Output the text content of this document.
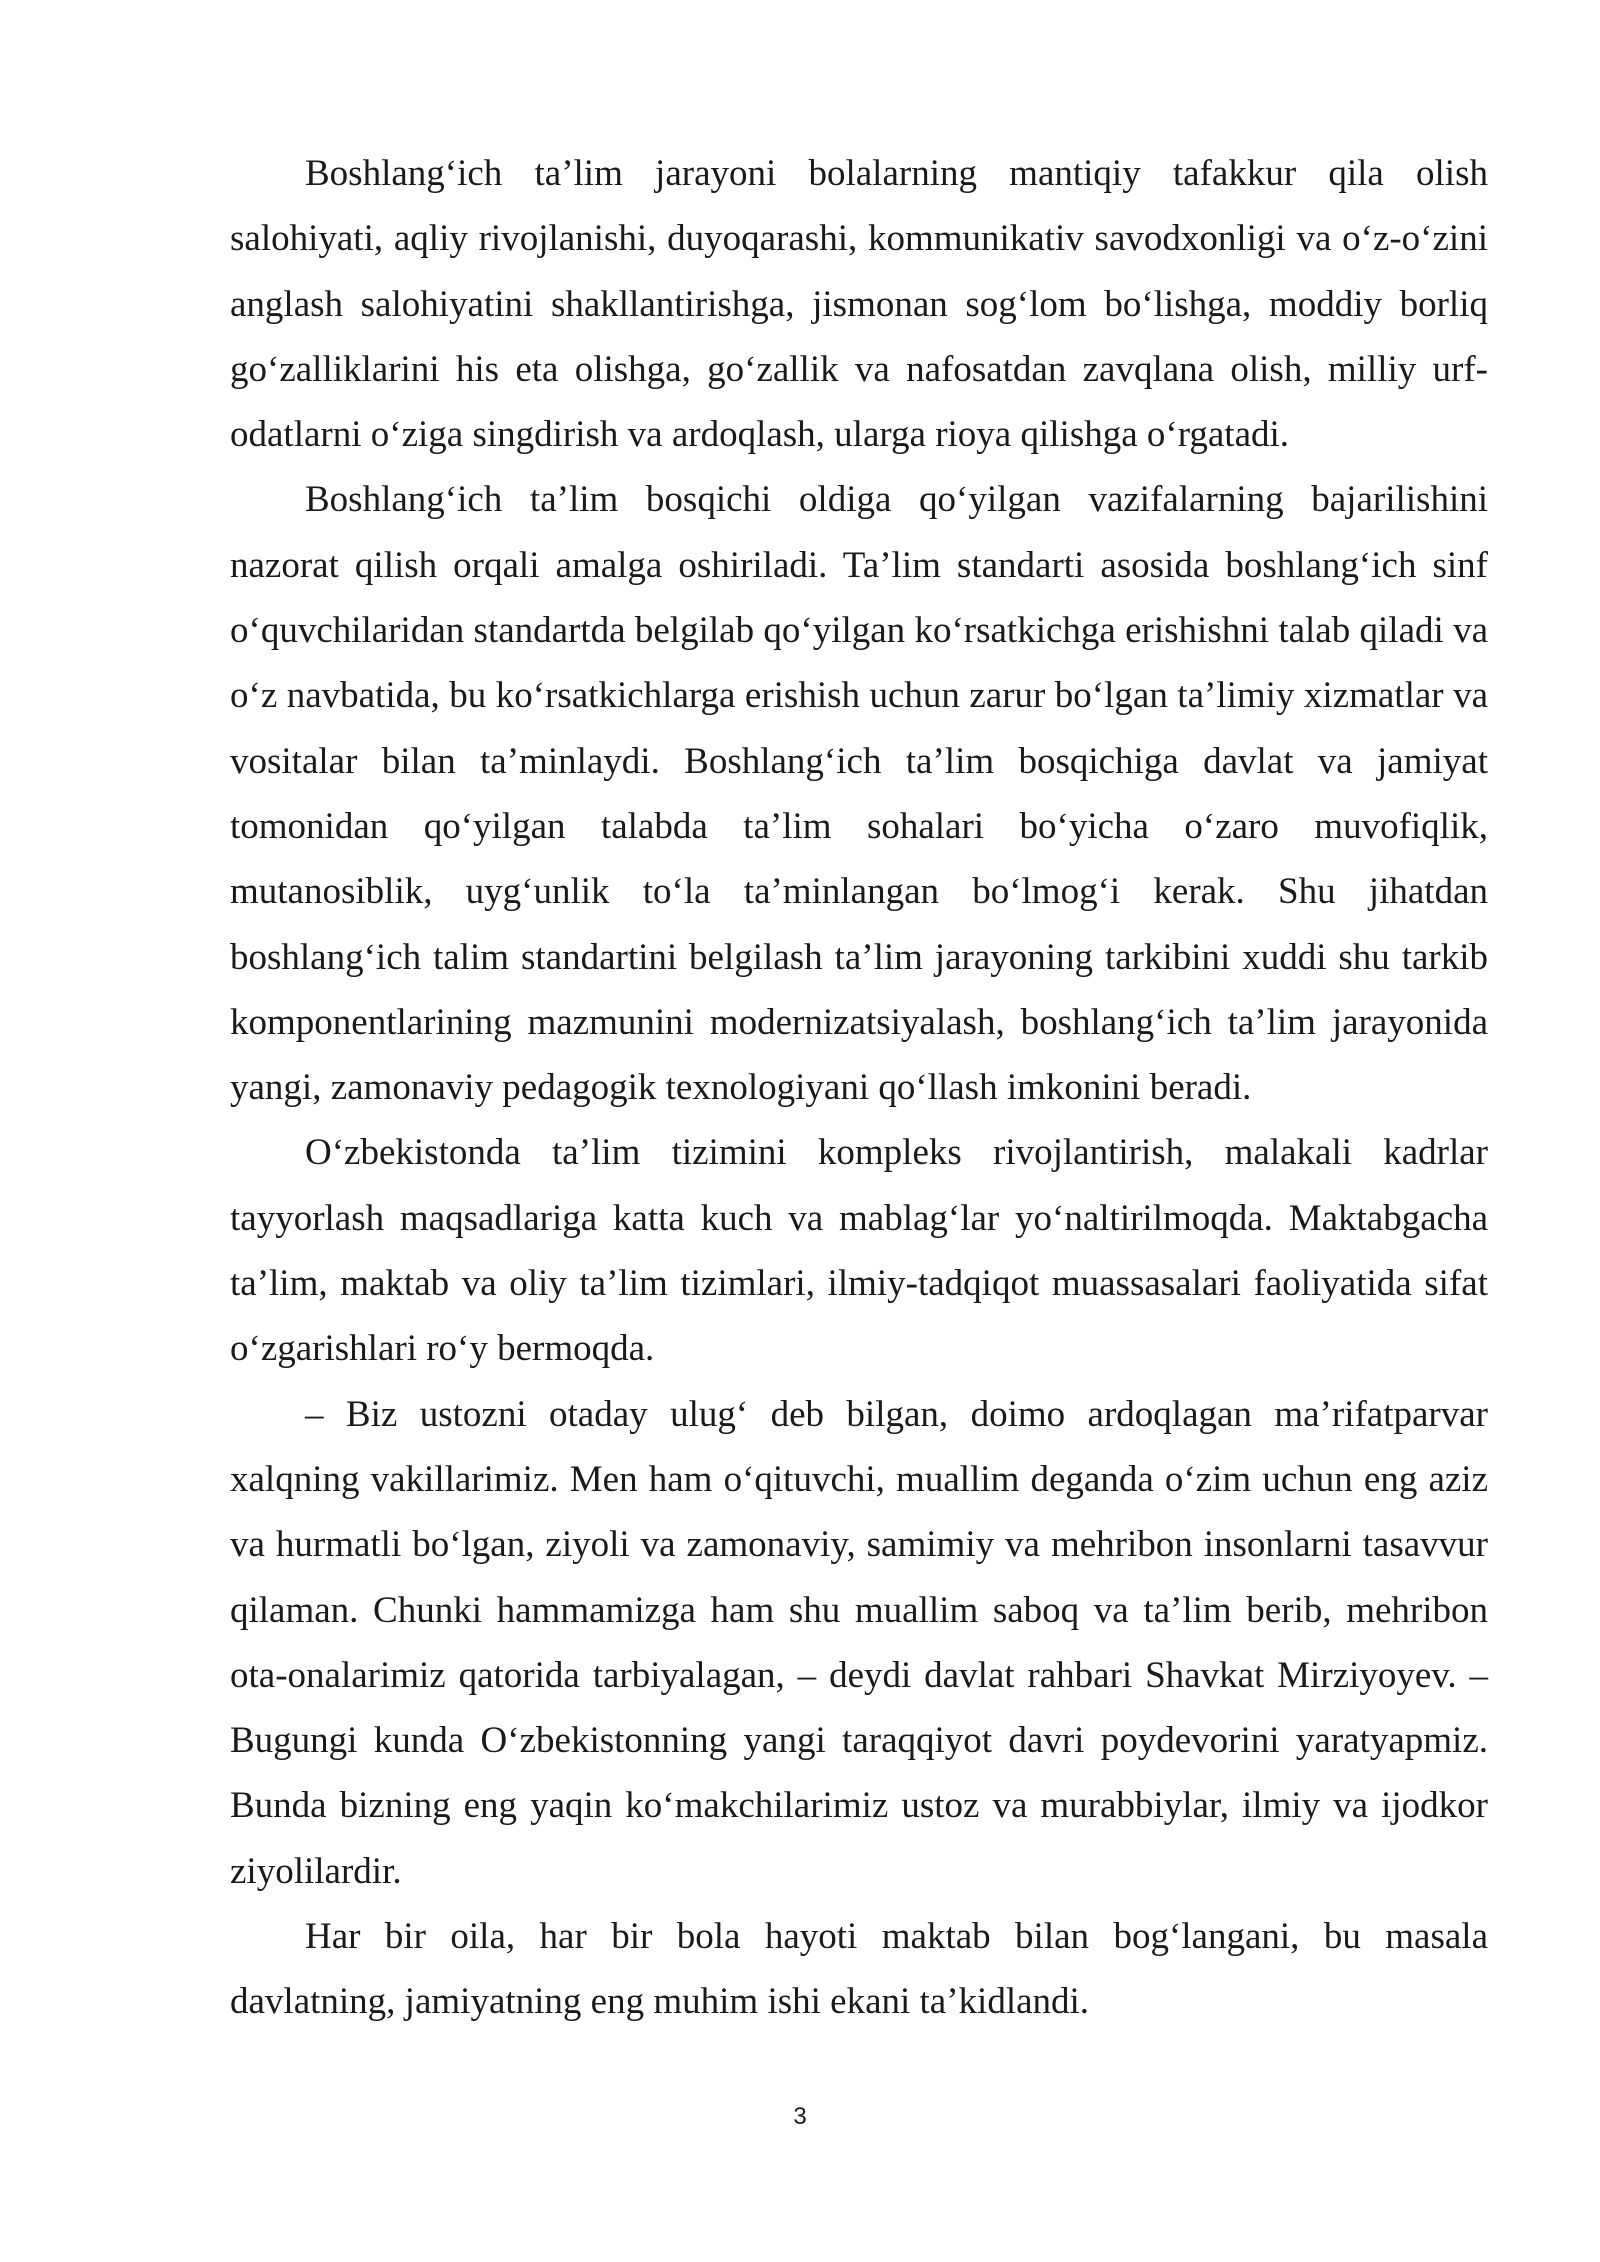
Boshlang‘ich ta’lim jarayoni bolalarning mantiqiy tafakkur qila olish salohiyati, aqliy rivojlanishi, duyoqarashi, kommunikativ savodxonligi va o‘z-o‘zini anglash salohiyatini shakllantirishga, jismonan sog‘lom bo‘lishga, moddiy borliq go‘zalliklarini his eta olishga, go‘zallik va nafosatdan zavqlana olish, milliy urf-odatlarni o‘ziga singdirish va ardoqlash, ularga rioya qilishga o‘rgatadi.

Boshlang‘ich ta’lim bosqichi oldiga qo‘yilgan vazifalarning bajarilishini nazorat qilish orqali amalga oshiriladi. Ta’lim standarti asosida boshlang‘ich sinf o‘quvchilaridan standartda belgilab qo‘yilgan ko‘rsatkichga erishishni talab qiladi va o‘z navbatida, bu ko‘rsatkichlarga erishish uchun zarur bo‘lgan ta’limiy xizmatlar va vositalar bilan ta’minlaydi. Boshlang‘ich ta’lim bosqichiga davlat va jamiyat tomonidan qo‘yilgan talabda ta’lim sohalari bo‘yicha o‘zaro muvofiqlik, mutanosiblik, uyg‘unlik to‘la ta’minlangan bo‘lmog‘i kerak. Shu jihatdan boshlang‘ich talim standartini belgilash ta’lim jarayoning tarkibini xuddi shu tarkib komponentlarining mazmunini modernizatsiyalash, boshlang‘ich ta’lim jarayonida yangi, zamonaviy pedagogik texnologiyani qo‘llash imkonini beradi.

O‘zbekistonda ta’lim tizimini kompleks rivojlantirish, malakali kadrlar tayyorlash maqsadlariga katta kuch va mablag‘lar yo‘naltirilmoqda. Maktabgacha ta’lim, maktab va oliy ta’lim tizimlari, ilmiy-tadqiqot muassasalari faoliyatida sifat o‘zgarishlari ro‘y bermoqda.

– Biz ustozni otaday ulug‘ deb bilgan, doimo ardoqlagan ma’rifatparvar xalqning vakillarimiz. Men ham o‘qituvchi, muallim deganda o‘zim uchun eng aziz va hurmatli bo‘lgan, ziyoli va zamonaviy, samimiy va mehribon insonlarni tasavvur qilaman. Chunki hammamizga ham shu muallim saboq va ta’lim berib, mehribon ota-onalarimiz qatorida tarbiyalagan, – deydi davlat rahbari Shavkat Mirziyoyev. – Bugungi kunda O‘zbekistonning yangi taraqqiyot davri poydevorini yaratyapmiz. Bunda bizning eng yaqin ko‘makchilarimiz ustoz va murabbiylar, ilmiy va ijodkor ziyolilardir.

Har bir oila, har bir bola hayoti maktab bilan bog‘langani, bu masala davlatning, jamiyatning eng muhim ishi ekani ta’kidlandi.

3
